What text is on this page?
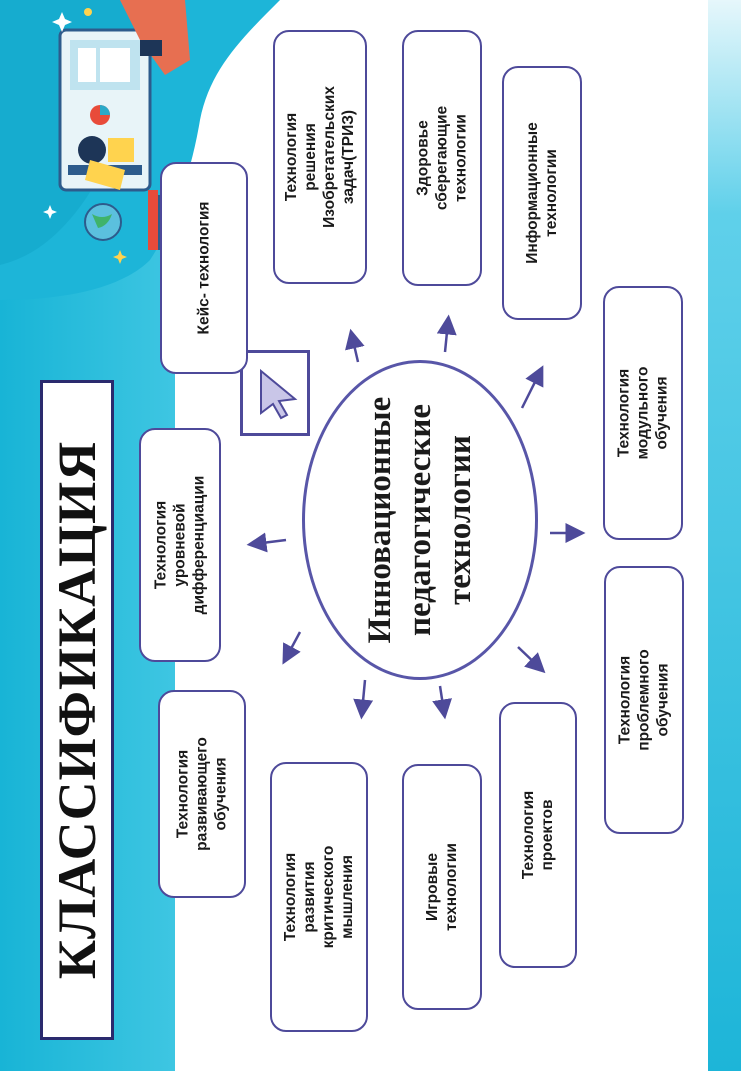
КЛАССИФИКАЦИЯ	Инновационные
педагогические
технологии
Кейс- технология
Технология
решения
Изобретательских
задач(ТРИЗ)	Здоровье
сберегающие
технологии	Информационные
технологии
Технология
модульного
обучения
Технология
проблемного
обучения
Технология
проектов
Игровые
технологии
Технология
развития
критического
мышления
Технология
развивающего
обучения
Технология
уровневой
дифференциации
